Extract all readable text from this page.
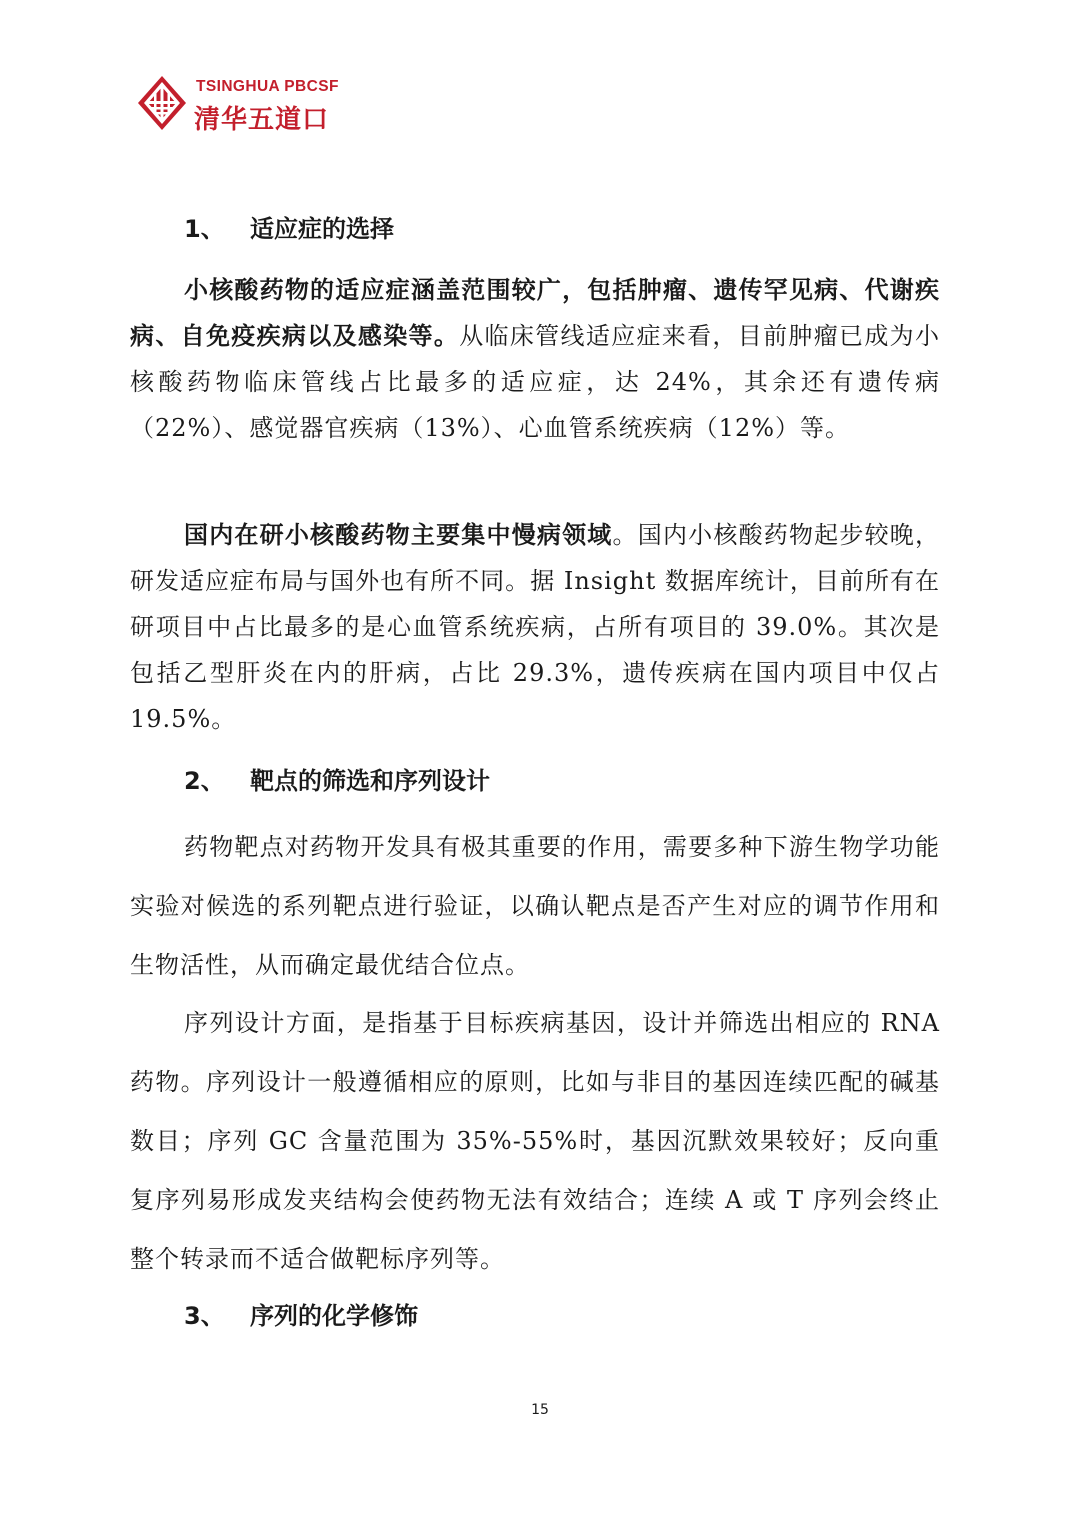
TSINGHUA PBCSF
清华五道口
1、 适应症的选择

小核酸药物的适应症涵盖范围较广，包括肿瘤、遗传罕见病、代谢疾病、自免疫疾病以及感染等。从临床管线适应症来看，目前肿瘤已成为小核酸药物临床管线占比最多的适应症，达 24%，其余还有遗传病（22%）、感觉器官疾病（13%）、心血管系统疾病（12%）等。

国内在研小核酸药物主要集中慢病领域。国内小核酸药物起步较晚，研发适应症布局与国外也有所不同。据 Insight 数据库统计，目前所有在研项目中占比最多的是心血管系统疾病，占所有项目的 39.0%。其次是包括乙型肝炎在内的肝病，占比 29.3%，遗传疾病在国内项目中仅占 19.5%。

2、 靶点的筛选和序列设计

药物靶点对药物开发具有极其重要的作用，需要多种下游生物学功能实验对候选的系列靶点进行验证，以确认靶点是否产生对应的调节作用和生物活性，从而确定最优结合位点。

序列设计方面，是指基于目标疾病基因，设计并筛选出相应的 RNA 药物。序列设计一般遵循相应的原则，比如与非目的基因连续匹配的碱基数目；序列 GC 含量范围为 35%-55%时，基因沉默效果较好；反向重复序列易形成发夹结构会使药物无法有效结合；连续 A 或 T 序列会终止整个转录而不适合做靶标序列等。

3、 序列的化学修饰
15
